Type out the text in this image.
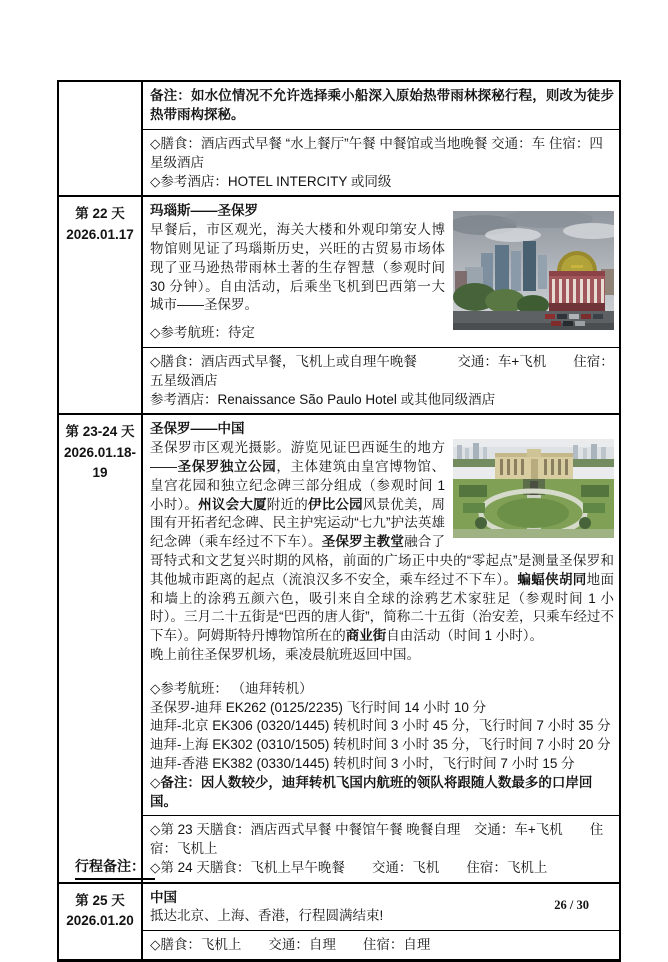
备注：如水位情况不允许选择乘小船深入原始热带雨林探秘行程，则改为徒步热带雨构探秘。
◇膳食：酒店西式早餐 “水上餐厅”午餐 中餐馆或当地晚餐 交通：车 住宿：四星级酒店
◇参考酒店：HOTEL INTERCITY 或同级
第 22 天
2026.01.17
玛瑙斯——圣保罗
早餐后，市区观光，海关大楼和外观印第安人博物馆则见证了玛瑙斯历史，兴旺的古贸易市场体现了亚马逊热带雨林土著的生存智慧（参观时间 30 分钟）。自由活动，后乘坐飞机到巴西第一大城市——圣保罗。
◇参考航班：待定
◇膳食：酒店西式早餐，飞机上或自理午晚餐　　　交通：车+飞机　　住宿：五星级酒店
参考酒店：Renaissance São Paulo Hotel 或其他同级酒店
第 23-24 天
2026.01.18-
19
圣保罗——中国
圣保罗市区观光摄影。游览见证巴西诞生的地方——圣保罗独立公园，主体建筑由皇宫博物馆、皇宫花园和独立纪念碑三部分组成（参观时间 1 小时）。州议会大厦附近的伊比公园风景优美，周围有开拓者纪念碑、民主护宪运动“七九”护法英雄纪念碑（乘车经过不下车）。圣保罗主教堂融合了哥特式和文艺复兴时期的风格，前面的广场正中央的“零起点”是测量圣保罗和其他城市距离的起点（流浪汉多不安全，乘车经过不下车）。蝙蝠侠胡同地面和墙上的涂鸦五颜六色，吸引来自全球的涂鸦艺术家驻足（参观时间 1 小时）。三月二十五街是“巴西的唐人街”，简称二十五街（治安差，只乘车经过不下车）。阿姆斯特丹博物馆所在的商业街自由活动（时间 1 小时）。
晚上前往圣保罗机场，乘凌晨航班返回中国。
◇参考航班： （迪拜转机）
圣保罗-迪拜 EK262 (0125/2235) 飞行时间 14 小时 10 分
迪拜-北京 EK306 (0320/1445) 转机时间 3 小时 45 分，飞行时间 7 小时 35 分
迪拜-上海 EK302 (0310/1505) 转机时间 3 小时 35 分，飞行时间 7 小时 20 分
迪拜-香港 EK382 (0330/1445) 转机时间 3 小时，飞行时间 7 小时 15 分
◇备注：因人数较少，迪拜转机飞国内航班的领队将跟随人数最多的口岸回国。
◇第 23 天膳食：酒店西式早餐 中餐馆午餐 晚餐自理　交通：车+飞机　　住宿：飞机上
◇第 24 天膳食：飞机上早午晚餐　　交通：飞机　　住宿：飞机上
第 25 天
2026.01.20
中国
抵达北京、上海、香港，行程圆满结束!
◇膳食：飞机上　　交通：自理　　住宿：自理
行程备注：
26 / 30
